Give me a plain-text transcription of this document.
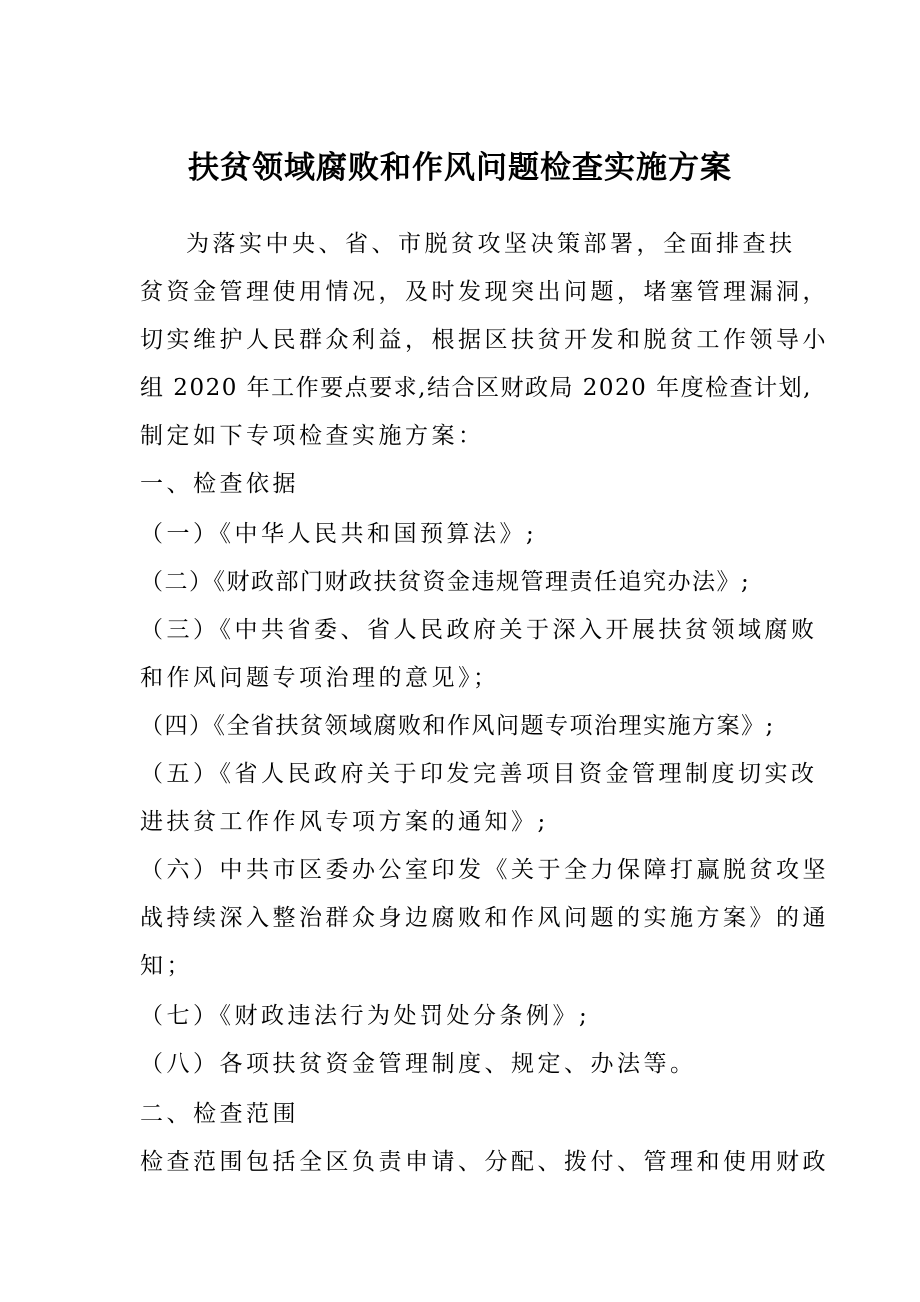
扶贫领域腐败和作风问题检查实施方案
为落实中央、省、市脱贫攻坚决策部署，全面排查扶
贫资金管理使用情况，及时发现突出问题，堵塞管理漏洞，
切实维护人民群众利益，根据区扶贫开发和脱贫工作领导小
组 2020 年工作要点要求,结合区财政局 2020 年度检查计划,
制定如下专项检查实施方案：
一、检查依据
（一）《中华人民共和国预算法》;
（二）《财政部门财政扶贫资金违规管理责任追究办法》;
（三）《中共省委、省人民政府关于深入开展扶贫领域腐败
和作风问题专项治理的意见》；
（四）《全省扶贫领域腐败和作风问题专项治理实施方案》;
（五）《省人民政府关于印发完善项目资金管理制度切实改
进扶贫工作作风专项方案的通知》;
（六）中共市区委办公室印发《关于全力保障打赢脱贫攻坚
战持续深入整治群众身边腐败和作风问题的实施方案》的通
知；
（七）《财政违法行为处罚处分条例》;
（八）各项扶贫资金管理制度、规定、办法等。
二、检查范围
检查范围包括全区负责申请、分配、拨付、管理和使用财政
